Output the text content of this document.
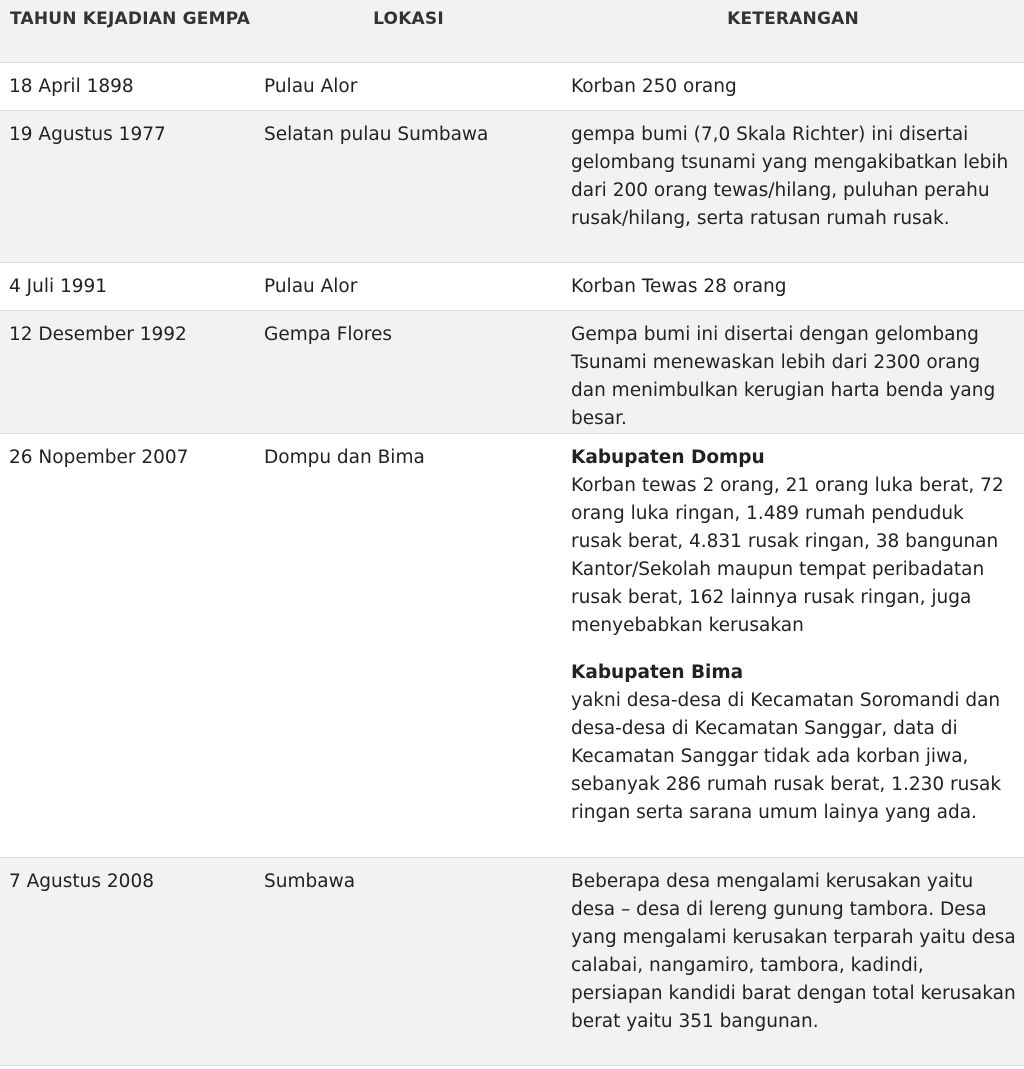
TAHUN KEJADIAN GEMPA	LOKASI	KETERANGAN
18 April 1898	Pulau Alor	Korban 250 orang
19 Agustus 1977	Selatan pulau Sumbawa	gempa bumi (7,0 Skala Richter) ini disertai gelombang tsunami yang mengakibatkan lebih dari 200 orang tewas/hilang, puluhan perahu rusak/hilang, serta ratusan rumah rusak.
4 Juli 1991	Pulau Alor	Korban Tewas 28 orang
12 Desember 1992	Gempa Flores	Gempa bumi ini disertai dengan gelombang Tsunami menewaskan lebih dari 2300 orang dan menimbulkan kerugian harta benda yang besar.
26 Nopember 2007	Dompu dan Bima	Kabupaten Dompu
Korban tewas 2 orang, 21 orang luka berat, 72 orang luka ringan, 1.489 rumah penduduk rusak berat, 4.831 rusak ringan, 38 bangunan Kantor/Sekolah maupun tempat peribadatan rusak berat, 162 lainnya rusak ringan, juga menyebabkan kerusakan
Kabupaten Bima
yakni desa-desa di Kecamatan Soromandi dan desa-desa di Kecamatan Sanggar, data di Kecamatan Sanggar tidak ada korban jiwa, sebanyak 286 rumah rusak berat, 1.230 rusak ringan serta sarana umum lainya yang ada.

7 Agustus 2008	Sumbawa	Beberapa desa mengalami kerusakan yaitu desa – desa di lereng gunung tambora. Desa yang mengalami kerusakan terparah yaitu desa calabai, nangamiro, tambora, kadindi, persiapan kandidi barat dengan total kerusakan berat yaitu 351 bangunan.
